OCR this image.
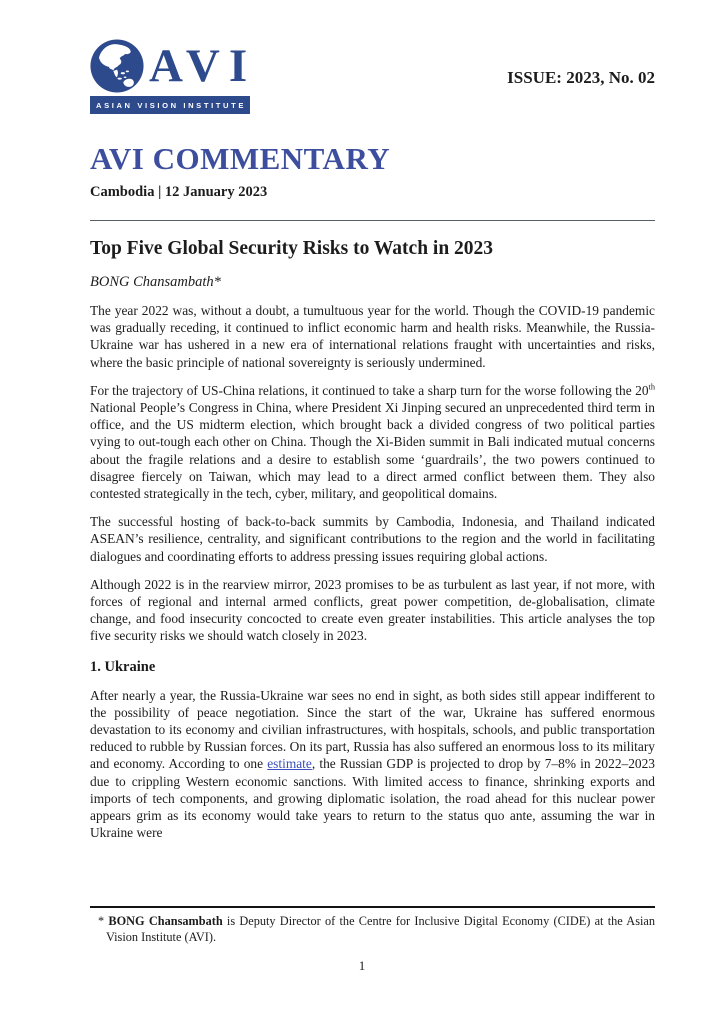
AVI
ASIAN VISION INSTITUTE
ISSUE: 2023, No. 02
AVI COMMENTARY
Cambodia | 12 January 2023
Top Five Global Security Risks to Watch in 2023
BONG Chansambath*

The year 2022 was, without a doubt, a tumultuous year for the world. Though the COVID-19 pandemic was gradually receding, it continued to inflict economic harm and health risks. Meanwhile, the Russia-Ukraine war has ushered in a new era of international relations fraught with uncertainties and risks, where the basic principle of national sovereignty is seriously undermined.

For the trajectory of US-China relations, it continued to take a sharp turn for the worse following the 20th National People’s Congress in China, where President Xi Jinping secured an unprecedented third term in office, and the US midterm election, which brought back a divided congress of two political parties vying to out-tough each other on China. Though the Xi-Biden summit in Bali indicated mutual concerns about the fragile relations and a desire to establish some ‘guardrails’, the two powers continued to disagree fiercely on Taiwan, which may lead to a direct armed conflict between them. They also contested strategically in the tech, cyber, military, and geopolitical domains.

The successful hosting of back-to-back summits by Cambodia, Indonesia, and Thailand indicated ASEAN’s resilience, centrality, and significant contributions to the region and the world in facilitating dialogues and coordinating efforts to address pressing issues requiring global actions.

Although 2022 is in the rearview mirror, 2023 promises to be as turbulent as last year, if not more, with forces of regional and internal armed conflicts, great power competition, de-globalisation, climate change, and food insecurity concocted to create even greater instabilities. This article analyses the top five security risks we should watch closely in 2023.

1. Ukraine

After nearly a year, the Russia-Ukraine war sees no end in sight, as both sides still appear indifferent to the possibility of peace negotiation. Since the start of the war, Ukraine has suffered enormous devastation to its economy and civilian infrastructures, with hospitals, schools, and public transportation reduced to rubble by Russian forces. On its part, Russia has also suffered an enormous loss to its military and economy. According to one estimate, the Russian GDP is projected to drop by 7–8% in 2022–2023 due to crippling Western economic sanctions. With limited access to finance, shrinking exports and imports of tech components, and growing diplomatic isolation, the road ahead for this nuclear power appears grim as its economy would take years to return to the status quo ante, assuming the war in Ukraine were

* BONG Chansambath is Deputy Director of the Centre for Inclusive Digital Economy (CIDE) at the Asian Vision Institute (AVI).
1
